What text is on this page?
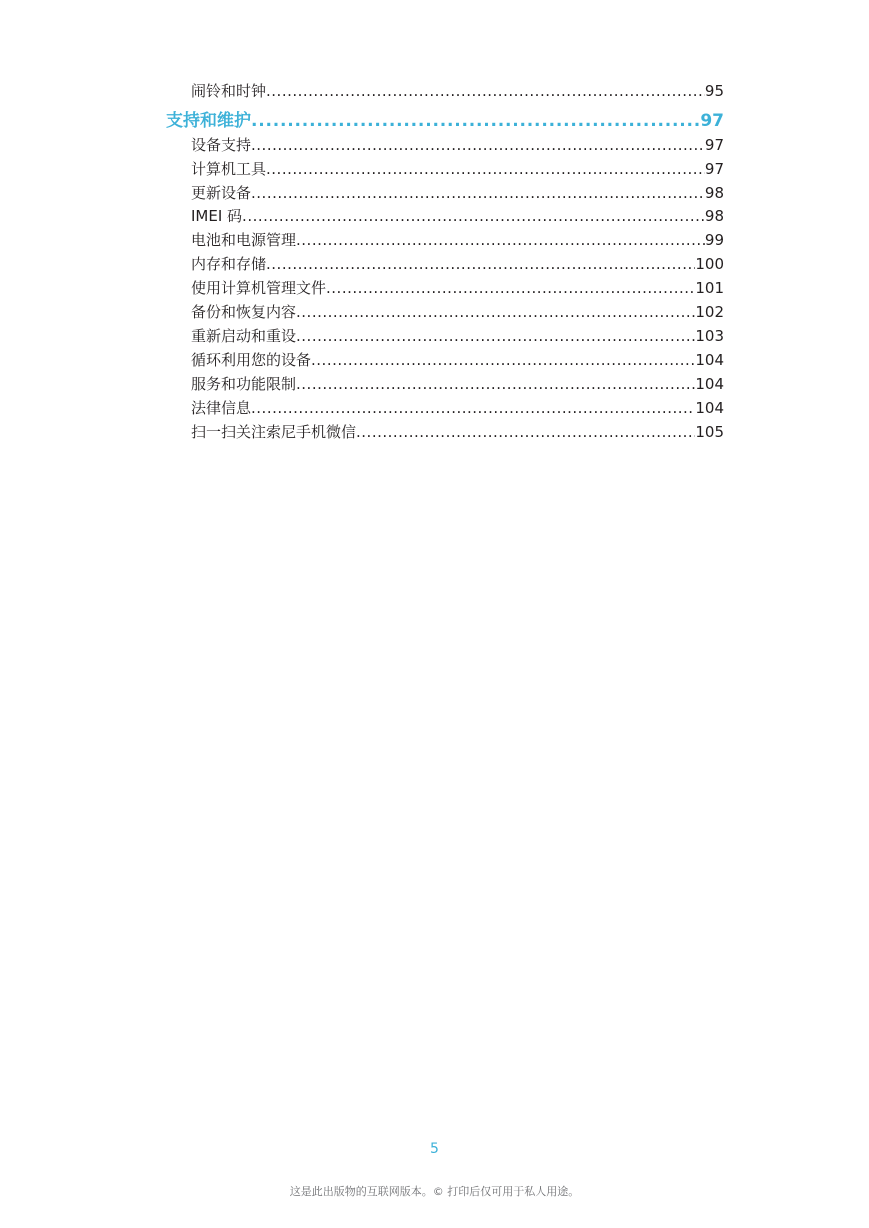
闹铃和时钟 .....	95
支持和维护 .....	97
设备支持 .....	97
计算机工具 .....	97
更新设备 .....	98
IMEI 码 .....	98
电池和电源管理 .....	99
内存和存储 .....	100
使用计算机管理文件 .....	101
备份和恢复内容 .....	102
重新启动和重设 .....	103
循环利用您的设备 .....	104
服务和功能限制 .....	104
法律信息 .....	104
扫一扫关注索尼手机微信 .....	105
5
这是此出版物的互联网版本。© 打印后仅可用于私人用途。
